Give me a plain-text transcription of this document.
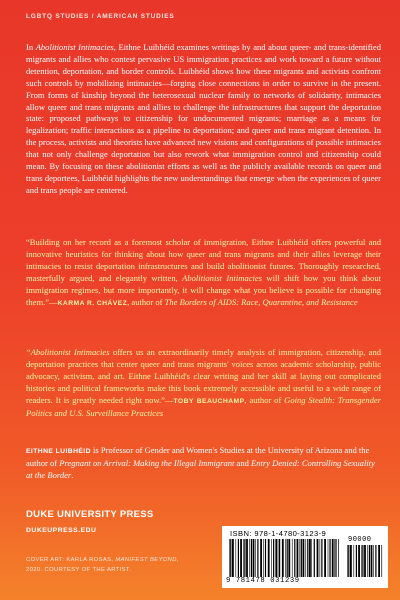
LGBTQ STUDIES / AMERICAN STUDIES

In Abolitionist Intimacies, Eithne Luibhéid examines writings by and about queer- and trans-identified migrants and allies who contest pervasive US immigration practices and work toward a future without detention, deportation, and border controls. Luibhéid shows how these migrants and activists confront such controls by mobilizing intimacies—forging close connections in order to survive in the present. From forms of kinship beyond the heterosexual nuclear family to networks of solidarity, intimacies allow queer and trans migrants and allies to challenge the infrastructures that support the deportation state: proposed pathways to citizenship for undocumented migrants; marriage as a means for legalization; traffic interactions as a pipeline to deportation; and queer and trans migrant detention. In the process, activists and theorists have advanced new visions and configurations of possible intimacies that not only challenge deportation but also rework what immigration control and citizenship could mean. By focusing on these abolitionist efforts as well as the publicly available records on queer and trans deportees, Luibhéid highlights the new understandings that emerge when the experiences of queer and trans people are centered.

“Building on her record as a foremost scholar of immigration, Eithne Luibhéid offers powerful and innovative heuristics for thinking about how queer and trans migrants and their allies leverage their intimacies to resist deportation infrastructures and build abolitionist futures. Thoroughly researched, masterfully argued, and elegantly written, Abolitionist Intimacies will shift how you think about immigration regimes, but more importantly, it will change what you believe is possible for changing them.”—KARMA R. CHÁVEZ, author of The Borders of AIDS: Race, Quarantine, and Resistance

“Abolitionist Intimacies offers us an extraordinarily timely analysis of immigration, citizenship, and deportation practices that center queer and trans migrants' voices across academic scholarship, public advocacy, activism, and art. Eithne Luibhéid's clear writing and her skill at laying out complicated histories and political frameworks make this book extremely accessible and useful to a wide range of readers. It is greatly needed right now.”—TOBY BEAUCHAMP, author of Going Stealth: Transgender Politics and U.S. Surveillance Practices

EITHNE LUIBHÉID is Professor of Gender and Women's Studies at the University of Arizona and the author of Pregnant on Arrival: Making the Illegal Immigrant and Entry Denied: Controlling Sexuality at the Border.

DUKE UNIVERSITY PRESS
DUKEUPRESS.EDU
COVER ART: KARLA ROSAS, MANIFEST BEYOND,
2020. COURTESY OF THE ARTIST.
ISBN: 978-1-4780-3123-9
90000
9 781478 031239
